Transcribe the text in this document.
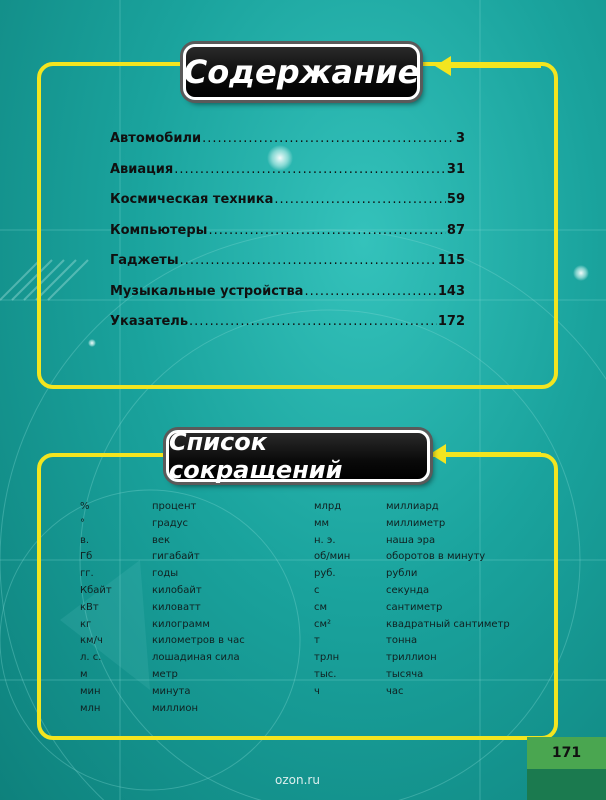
Содержание
Автомобили .....	3
Авиация .....	31
Космическая техника .....	59
Компьютеры .....	87
Гаджеты .....	115
Музыкальные устройства .....	143
Указатель .....	172
Список сокращений
%	процент
°	градус
в.	век
Гб	гигабайт
гг.	годы
Кбайт	килобайт
кВт	киловатт
кг	килограмм
км/ч	километров в час
л. с.	лошадиная сила
м	метр
мин	минута
млн	миллион
млрд	миллиард
мм	миллиметр
н. э.	наша эра
об/мин	оборотов в минуту
руб.	рубли
с	секунда
см	сантиметр
см²	квадратный сантиметр
т	тонна
трлн	триллион
тыс.	тысяча
ч	час
171
ozon.ru
